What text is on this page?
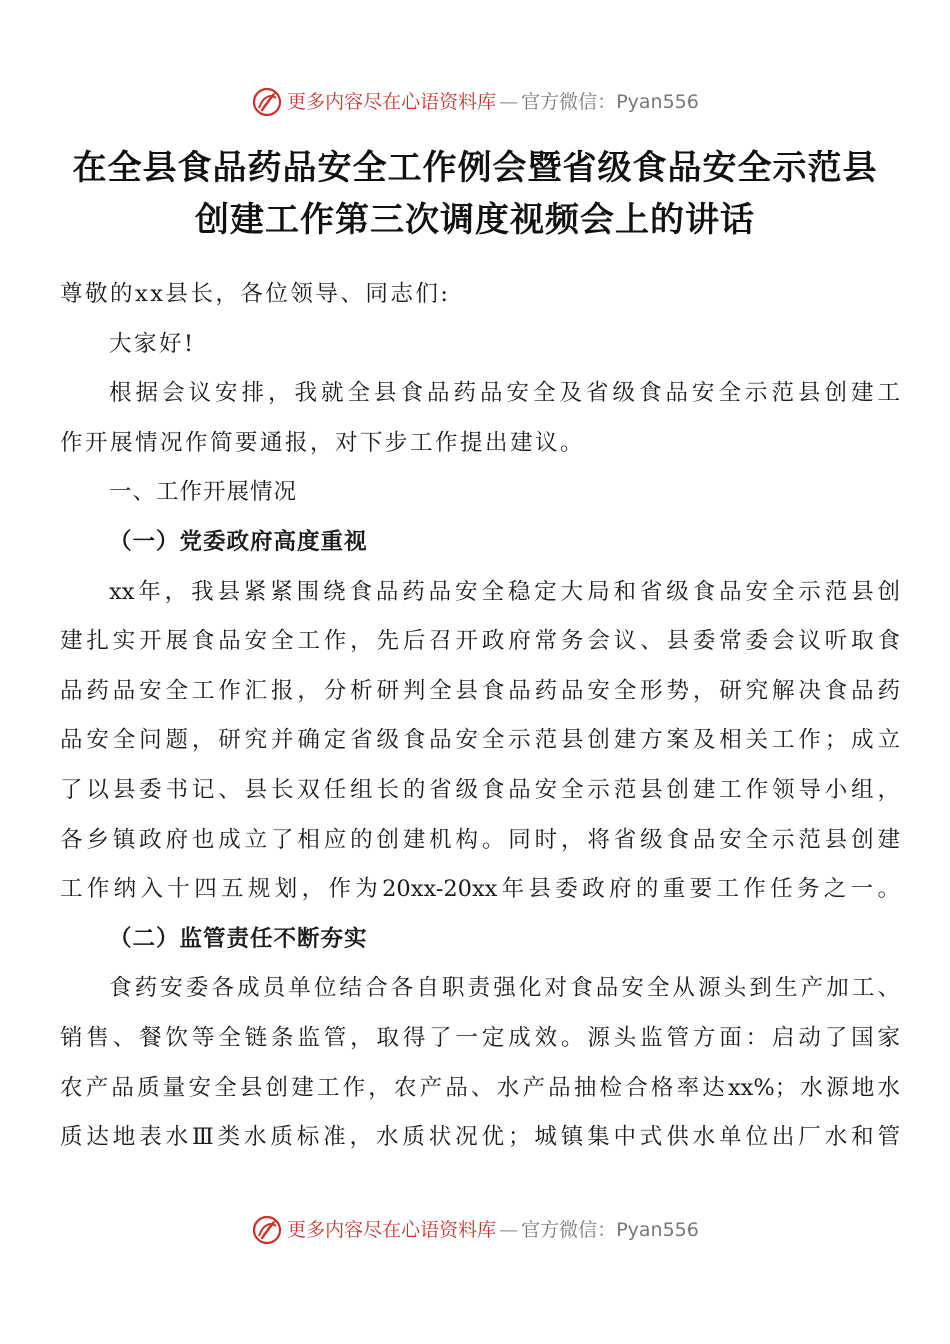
更多内容尽在心语资料库 — 官方微信： Pyan556
在全县食品药品安全工作例会暨省级食品安全示范县
创建工作第三次调度视频会上的讲话
尊敬的xx县长，各位领导、同志们:
大家好!
根据会议安排，我就全县食品药品安全及省级食品安全示范县创建工
作开展情况作简要通报，对下步工作提出建议。
一、工作开展情况
（一）党委政府高度重视
xx年，我县紧紧围绕食品药品安全稳定大局和省级食品安全示范县创
建扎实开展食品安全工作，先后召开政府常务会议、县委常委会议听取食
品药品安全工作汇报，分析研判全县食品药品安全形势，研究解决食品药
品安全问题，研究并确定省级食品安全示范县创建方案及相关工作；成立
了以县委书记、县长双任组长的省级食品安全示范县创建工作领导小组，
各乡镇政府也成立了相应的创建机构。同时，将省级食品安全示范县创建
工作纳入十四五规划，作为20xx-20xx年县委政府的重要工作任务之一。
（二）监管责任不断夯实
食药安委各成员单位结合各自职责强化对食品安全从源头到生产加工、
销售、餐饮等全链条监管，取得了一定成效。源头监管方面：启动了国家
农产品质量安全县创建工作，农产品、水产品抽检合格率达xx%；水源地水
质达地表水Ⅲ类水质标准，水质状况优；城镇集中式供水单位出厂水和管
更多内容尽在心语资料库 — 官方微信： Pyan556
